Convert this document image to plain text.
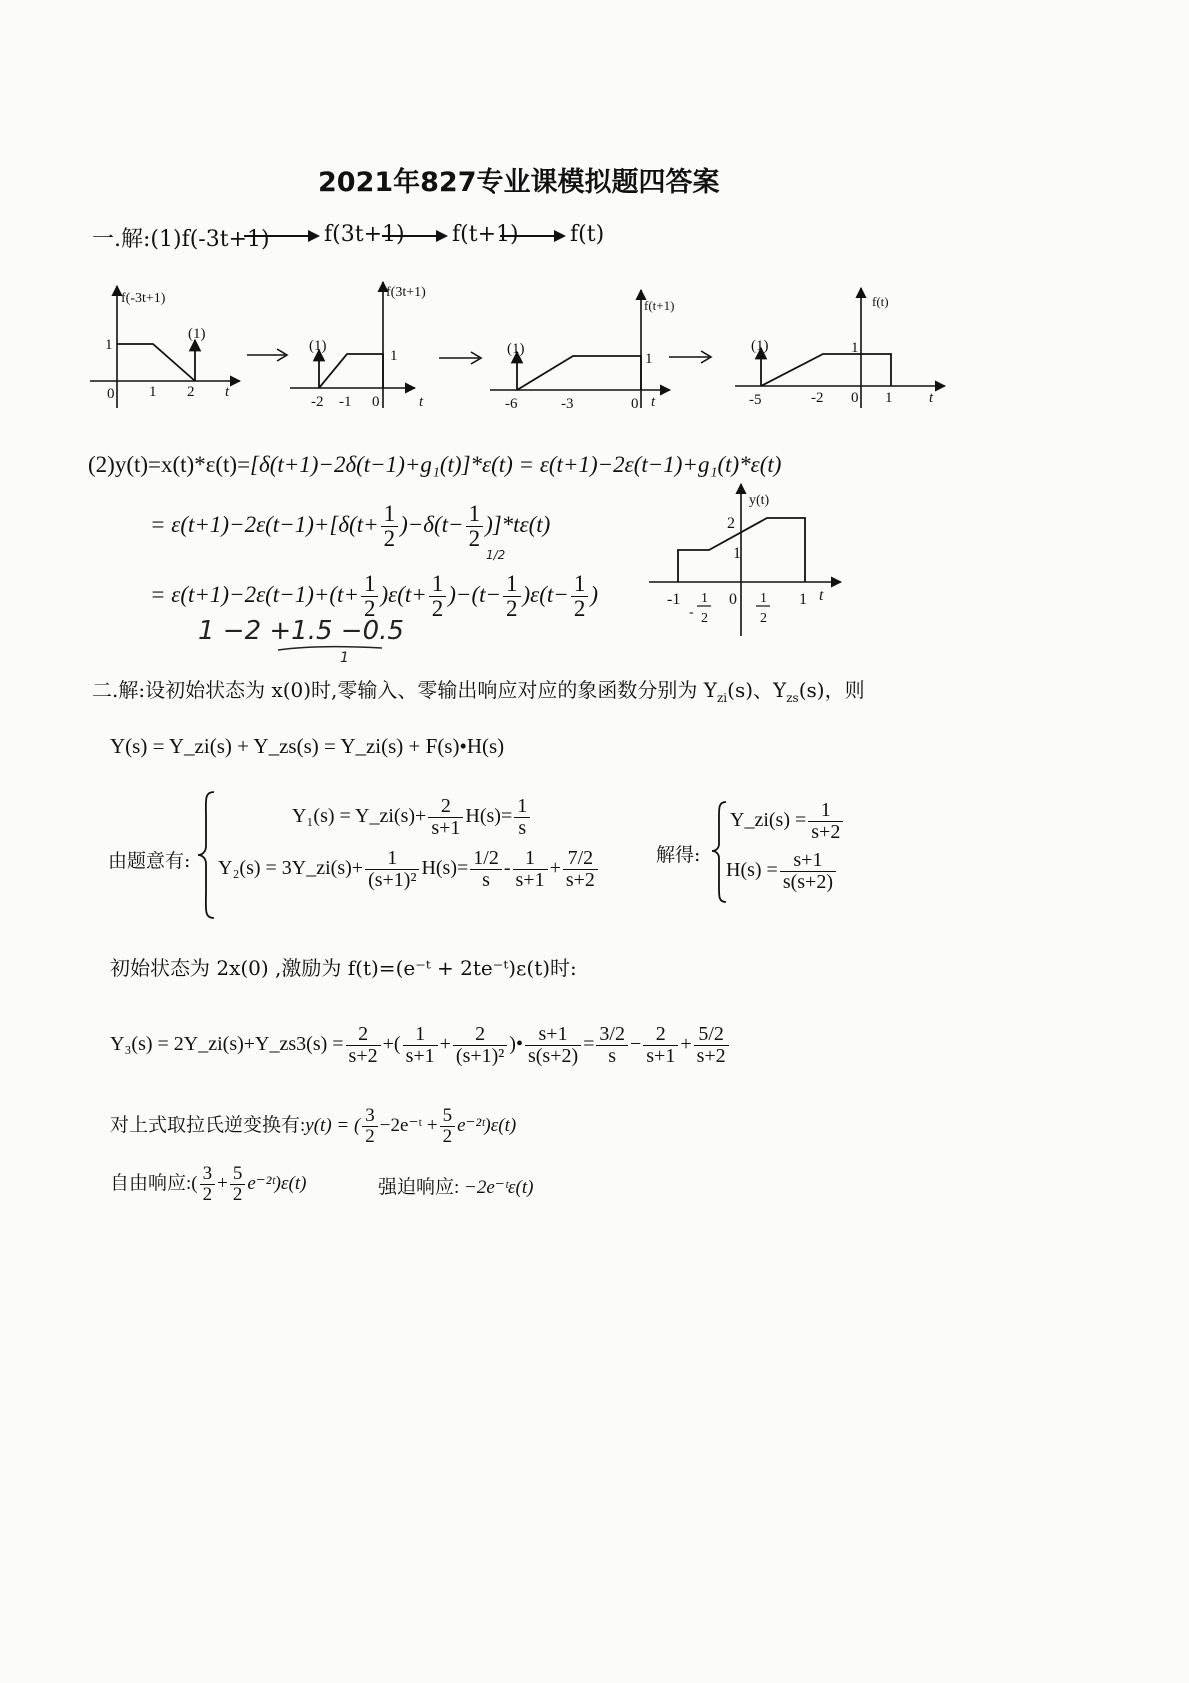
2021年827专业课模拟题四答案
一.解:(1)f(-3t+1) f(3t+1) f(t+1) f(t)
f(-3t+1)
(1)
1
0 1 2 t
f(3t+1)
(1)
1
-2 -1 0	t
f(t+1)
(1)
1
-6	-3	0 t
f(t)
(1)	1
-5	-2 0 1 t
(2)y(t)=x(t)*ε(t)=[δ(t+1)−2δ(t−1)+g₁(t)]*ε(t) = ε(t+1)−2ε(t−1)+g₁(t)*ε(t)
= $\varepsilon(t+1)-2\varepsilon(t-1)+[\delta(t+ \frac{1}{2} )-\delta(t- \frac{1}{2} )]*t\varepsilon(t)$
= $\varepsilon(t+1)-2\varepsilon(t-1)+(t+ \frac{1}{2} )\varepsilon(t+ \frac{1}{2} )-(t- \frac{1}{2} )\varepsilon(t- \frac{1}{2}$ )
1/2
1 −2 +1.5 −0.5
1
y(t)
2
1
-1	0	1 t
1
2
-
1
2
二.解:设初始状态为 x(0)时,零输入、零输出响应对应的象函数分别为 $Y_{zi}(s)$、$Y_{zs}(s)$，则
Y(s) = Y_zi(s) + Y_zs(s) = Y_zi(s) + F(s)•H(s)
由题意有:
Y₁(s) = Y_zi(s)+ $\frac{2}{s+1} H(s)= \frac{1}{s}$
Y₂(s) = 3Y_zi(s)+ $\frac{1}{\text{(s+1)²}} H(s)= \frac{1/2}{s} - \frac{1}{s+1} + \frac{7/2}{s+2}$	解得:
Y_zi(s) = $\frac{1}{s+2}$
$H(s) = \frac{s+1}{s(s+2)}$
初始状态为 2x(0) ,激励为 f(t)=(e⁻ᵗ + 2te⁻ᵗ)ε(t)时:
Y₃(s) = 2Y_zi(s)+Y_zs3(s) = $\frac{2}{s+2}$ +( $\frac{1}{s+1} + \frac{2}{\text{(s+1)²}}$ )• $\frac{s+1}{s(s+2)} = \frac{3/2}{s} - \frac{2}{s+1} + \frac{5/2}{s+2}$
对上式取拉氏逆变换有:y(t) = ( $\frac{3}{2}$ −2e⁻ᵗ + $\frac{5}{2}$ e⁻²ᵗ)ε(t)
自由响应:( $\frac{3}{2} + \frac{5}{2}$ e⁻²ᵗ)ε(t)	强迫响应: −2e⁻ᵗε(t)
